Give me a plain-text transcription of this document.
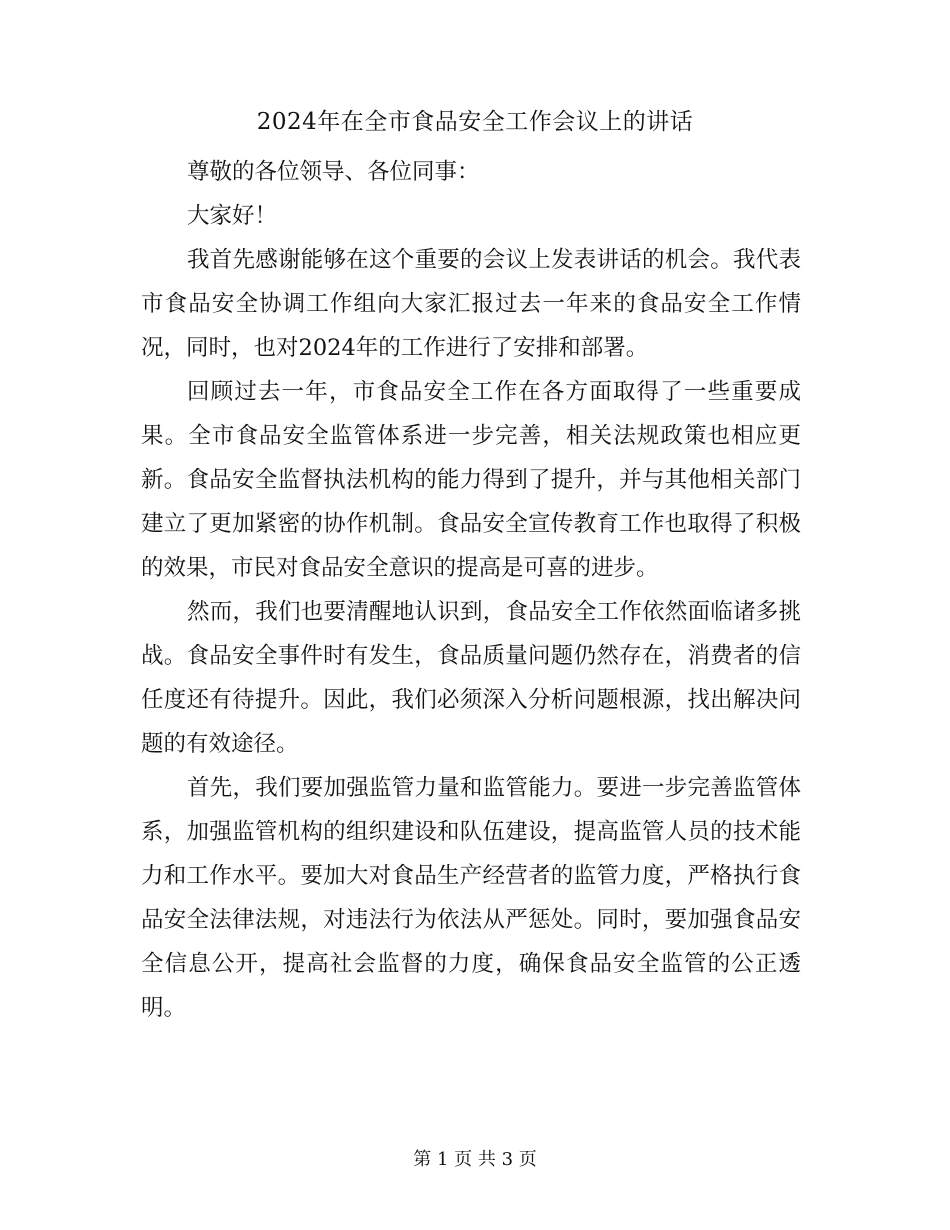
2024年在全市食品安全工作会议上的讲话

尊敬的各位领导、各位同事：

大家好！

我首先感谢能够在这个重要的会议上发表讲话的机会。我代表市食品安全协调工作组向大家汇报过去一年来的食品安全工作情况，同时，也对2024年的工作进行了安排和部署。

回顾过去一年，市食品安全工作在各方面取得了一些重要成果。全市食品安全监管体系进一步完善，相关法规政策也相应更新。食品安全监督执法机构的能力得到了提升，并与其他相关部门建立了更加紧密的协作机制。食品安全宣传教育工作也取得了积极的效果，市民对食品安全意识的提高是可喜的进步。

然而，我们也要清醒地认识到，食品安全工作依然面临诸多挑战。食品安全事件时有发生，食品质量问题仍然存在，消费者的信任度还有待提升。因此，我们必须深入分析问题根源，找出解决问题的有效途径。

首先，我们要加强监管力量和监管能力。要进一步完善监管体系，加强监管机构的组织建设和队伍建设，提高监管人员的技术能力和工作水平。要加大对食品生产经营者的监管力度，严格执行食品安全法律法规，对违法行为依法从严惩处。同时，要加强食品安全信息公开，提高社会监督的力度，确保食品安全监管的公正透明。

第 1 页 共 3 页
